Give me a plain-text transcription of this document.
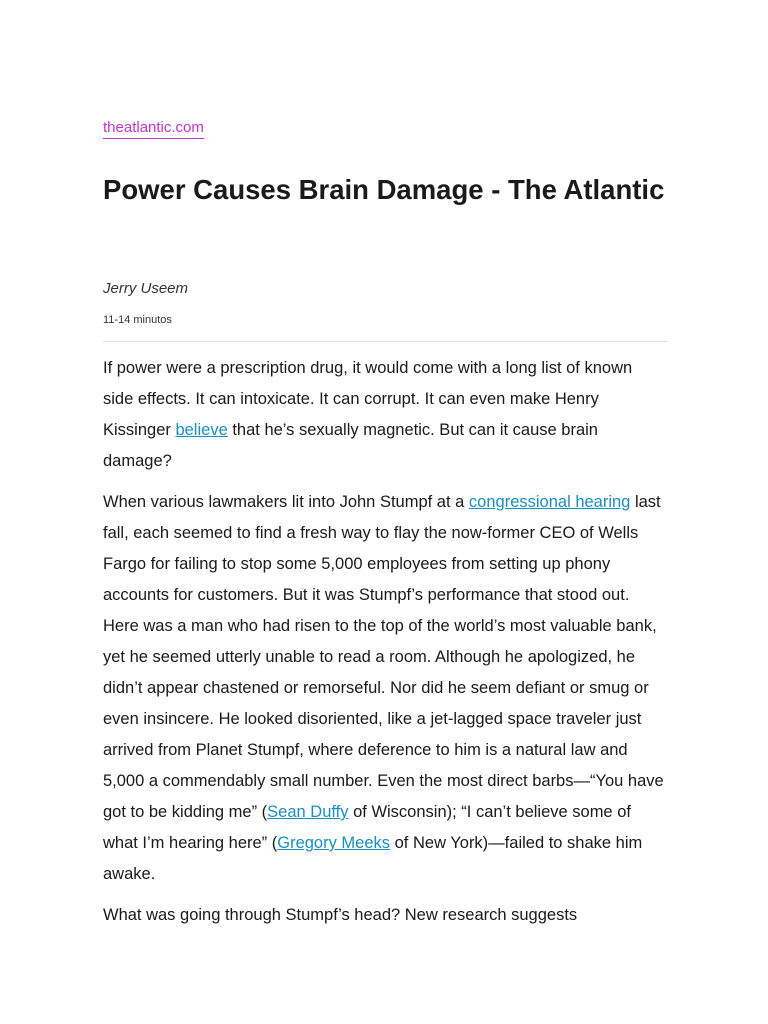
theatlantic.com
Power Causes Brain Damage - The Atlantic

Jerry Useem

11-14 minutos

If power were a prescription drug, it would come with a long list of known side effects. It can intoxicate. It can corrupt. It can even make Henry Kissinger believe that he’s sexually magnetic. But can it cause brain damage?

When various lawmakers lit into John Stumpf at a congressional hearing last fall, each seemed to find a fresh way to flay the now-former CEO of Wells Fargo for failing to stop some 5,000 employees from setting up phony accounts for customers. But it was Stumpf’s performance that stood out. Here was a man who had risen to the top of the world’s most valuable bank, yet he seemed utterly unable to read a room. Although he apologized, he didn’t appear chastened or remorseful. Nor did he seem defiant or smug or even insincere. He looked disoriented, like a jet-lagged space traveler just arrived from Planet Stumpf, where deference to him is a natural law and 5,000 a commendably small number. Even the most direct barbs—“You have got to be kidding me” (Sean Duffy of Wisconsin); “I can’t believe some of what I’m hearing here” (Gregory Meeks of New York)—failed to shake him awake.

What was going through Stumpf’s head? New research suggests
